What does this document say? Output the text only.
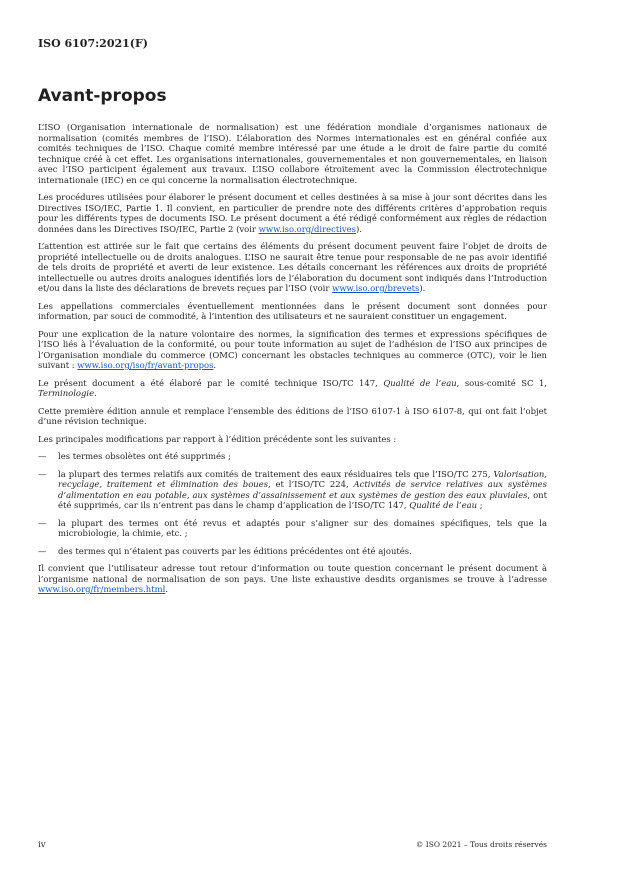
ISO 6107:2021(F)
Avant-propos

L’ISO (Organisation internationale de normalisation) est une fédération mondiale d’organismes nationaux de normalisation (comités membres de l’ISO). L’élaboration des Normes internationales est en général confiée aux comités techniques de l’ISO. Chaque comité membre intéressé par une étude a le droit de faire partie du comité technique créé à cet effet. Les organisations internationales, gouvernementales et non gouvernementales, en liaison avec l’ISO participent également aux travaux. L’ISO collabore étroitement avec la Commission électrotechnique internationale (IEC) en ce qui concerne la normalisation électrotechnique.

Les procédures utilisées pour élaborer le présent document et celles destinées à sa mise à jour sont décrites dans les Directives ISO/IEC, Partie 1. Il convient, en particulier de prendre note des différents critères d’approbation requis pour les différents types de documents ISO. Le présent document a été rédigé conformément aux règles de rédaction données dans les Directives ISO/IEC, Partie 2 (voir www.iso.org/directives).

L’attention est attirée sur le fait que certains des éléments du présent document peuvent faire l’objet de droits de propriété intellectuelle ou de droits analogues. L’ISO ne saurait être tenue pour responsable de ne pas avoir identifié de tels droits de propriété et averti de leur existence. Les détails concernant les références aux droits de propriété intellectuelle ou autres droits analogues identifiés lors de l’élaboration du document sont indiqués dans l’Introduction et/ou dans la liste des déclarations de brevets reçues par l’ISO (voir www.iso.org/brevets).

Les appellations commerciales éventuellement mentionnées dans le présent document sont données pour information, par souci de commodité, à l’intention des utilisateurs et ne sauraient constituer un engagement.

Pour une explication de la nature volontaire des normes, la signification des termes et expressions spécifiques de l’ISO liés à l’évaluation de la conformité, ou pour toute information au sujet de l’adhésion de l’ISO aux principes de l’Organisation mondiale du commerce (OMC) concernant les obstacles techniques au commerce (OTC), voir le lien suivant : www.iso.org/iso/fr/avant-propos.

Le présent document a été élaboré par le comité technique ISO/TC 147, Qualité de l’eau, sous-comité SC 1, Terminologie.

Cette première édition annule et remplace l’ensemble des éditions de l’ISO 6107-1 à ISO 6107-8, qui ont fait l’objet d’une révision technique.

Les principales modifications par rapport à l’édition précédente sont les suivantes :

—	les termes obsolètes ont été supprimés ;
—	la plupart des termes relatifs aux comités de traitement des eaux résiduaires tels que l’ISO/TC 275, Valorisation, recyclage, traitement et élimination des boues, et l’ISO/TC 224, Activités de service relatives aux systèmes d’alimentation en eau potable, aux systèmes d’assainissement et aux systèmes de gestion des eaux pluviales, ont été supprimés, car ils n’entrent pas dans le champ d’application de l’ISO/TC 147, Qualité de l’eau ;
—	la plupart des termes ont été revus et adaptés pour s’aligner sur des domaines spécifiques, tels que la microbiologie, la chimie, etc. ;
—	des termes qui n’étaient pas couverts par les éditions précédentes ont été ajoutés.

Il convient que l’utilisateur adresse tout retour d’information ou toute question concernant le présent document à l’organisme national de normalisation de son pays. Une liste exhaustive desdits organismes se trouve à l’adresse www.iso.org/fr/members.html.

iv	© ISO 2021 – Tous droits réservés
